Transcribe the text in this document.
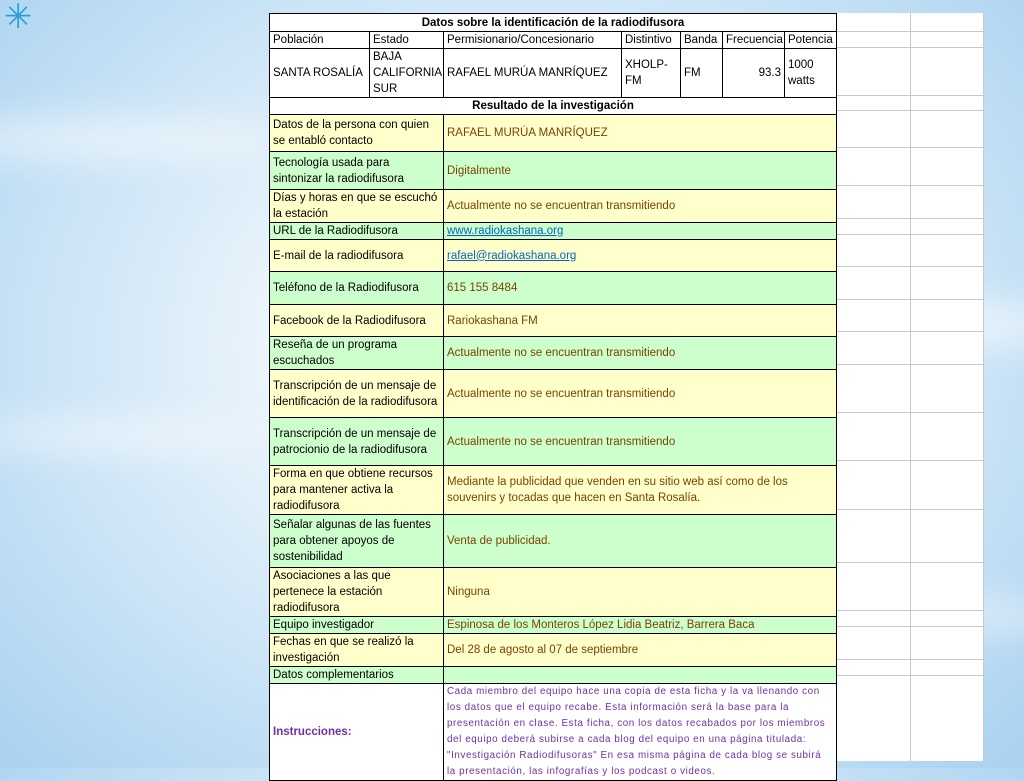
✳	Datos sobre la identificación de la radiodifusora						
Población	Estado	Permisionario/Concesionario	Distintivo	Banda	Frecuencia	Potencia
SANTA ROSALÍA	BAJA CALIFORNIA SUR	RAFAEL MURÚA MANRÍQUEZ	XHOLP-FM	FM	93.3	1000 watts
Resultado de la investigación						
Datos de la persona con quien se entabló contacto		RAFAEL MURÚA MANRÍQUEZ				
Tecnología usada para sintonizar la radiodifusora		Digitalmente				
Días y horas en que se escuchó la estación		Actualmente no se encuentran transmitiendo				
URL de la Radiodifusora		www.radiokashana.org				
E-mail de la radiodifusora		rafael@radiokashana.org				
Teléfono de la Radiodifusora		615 155 8484				
Facebook de la Radiodifusora		Rariokashana FM				
Reseña de un programa escuchados		Actualmente no se encuentran transmitiendo				
Transcripción de un mensaje de identificación de la radiodifusora		Actualmente no se encuentran transmitiendo				
Transcripción de un mensaje de patrocionio de la radiodifusora		Actualmente no se encuentran transmitiendo				
Forma en que obtiene recursos para mantener activa la radiodifusora		Mediante la publicidad que venden en su sitio web así como de los souvenirs y tocadas que hacen en Santa Rosalía.				
Señalar algunas de las fuentes para obtener apoyos de sostenibilidad		Venta de publicidad.				
Asociaciones a las que pertenece la estación radiodifusora		Ninguna				
Equipo investigador		Espinosa de los Monteros López Lidia Beatriz, Barrera Baca				
Fechas en que se realizó la investigación		Del 28 de agosto al 07 de septiembre				
Datos complementarios						
Instrucciones:		Cada miembro del equipo hace una copia de esta ficha y la va llenando con los datos que el equipo recabe. Esta información será la base para la presentación en clase. Esta ficha, con los datos recabados por los miembros del equipo deberá subirse a cada blog del equipo en una página titulada: "Investigación Radiodifusoras" En esa misma página de cada blog se subirá la presentación, las infografías y los podcast o videos.				
